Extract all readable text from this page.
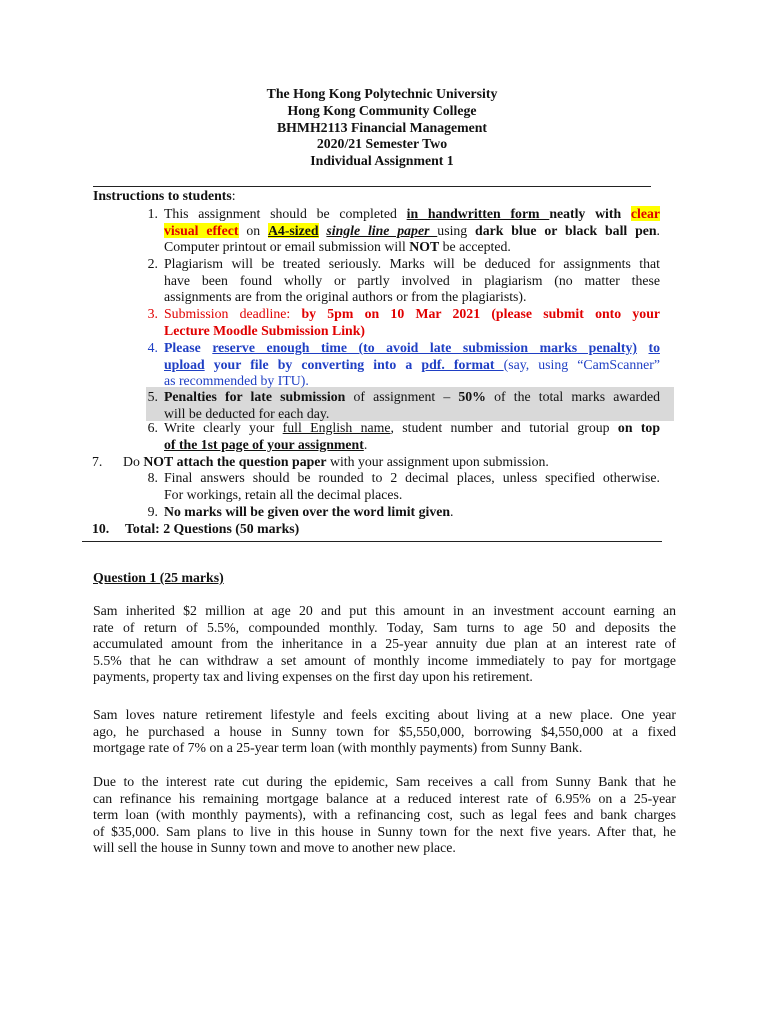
The Hong Kong Polytechnic University
Hong Kong Community College
BHMH2113 Financial Management
2020/21 Semester Two
Individual Assignment 1
Instructions to students:
1. This assignment should be completed in handwritten form neatly with clear
visual effect on A4-sized single line paper using dark blue or black ball pen.
Computer printout or email submission will NOT be accepted.
2. Plagiarism will be treated seriously. Marks will be deduced for assignments that
have been found wholly or partly involved in plagiarism (no matter these
assignments are from the original authors or from the plagiarists).
3. Submission deadline: by 5pm on 10 Mar 2021 (please submit onto your
Lecture Moodle Submission Link)
4. Please reserve enough time (to avoid late submission marks penalty) to
upload your file by converting into a pdf. format (say, using “CamScanner”
as recommended by ITU).
5. Penalties for late submission of assignment – 50% of the total marks awarded
will be deducted for each day.
6. Write clearly your full English name, student number and tutorial group on top
of the 1st page of your assignment.
7. Do NOT attach the question paper with your assignment upon submission.
8. Final answers should be rounded to 2 decimal places, unless specified otherwise.
For workings, retain all the decimal places.
9. No marks will be given over the word limit given.
10. Total: 2 Questions (50 marks)
Question 1 (25 marks)
Sam inherited $2 million at age 20 and put this amount in an investment account earning an
rate of return of 5.5%, compounded monthly. Today, Sam turns to age 50 and deposits the
accumulated amount from the inheritance in a 25-year annuity due plan at an interest rate of
5.5% that he can withdraw a set amount of monthly income immediately to pay for mortgage
payments, property tax and living expenses on the first day upon his retirement.
Sam loves nature retirement lifestyle and feels exciting about living at a new place. One year
ago, he purchased a house in Sunny town for $5,550,000, borrowing $4,550,000 at a fixed
mortgage rate of 7% on a 25-year term loan (with monthly payments) from Sunny Bank.
Due to the interest rate cut during the epidemic, Sam receives a call from Sunny Bank that he
can refinance his remaining mortgage balance at a reduced interest rate of 6.95% on a 25-year
term loan (with monthly payments), with a refinancing cost, such as legal fees and bank charges
of $35,000. Sam plans to live in this house in Sunny town for the next five years. After that, he
will sell the house in Sunny town and move to another new place.
